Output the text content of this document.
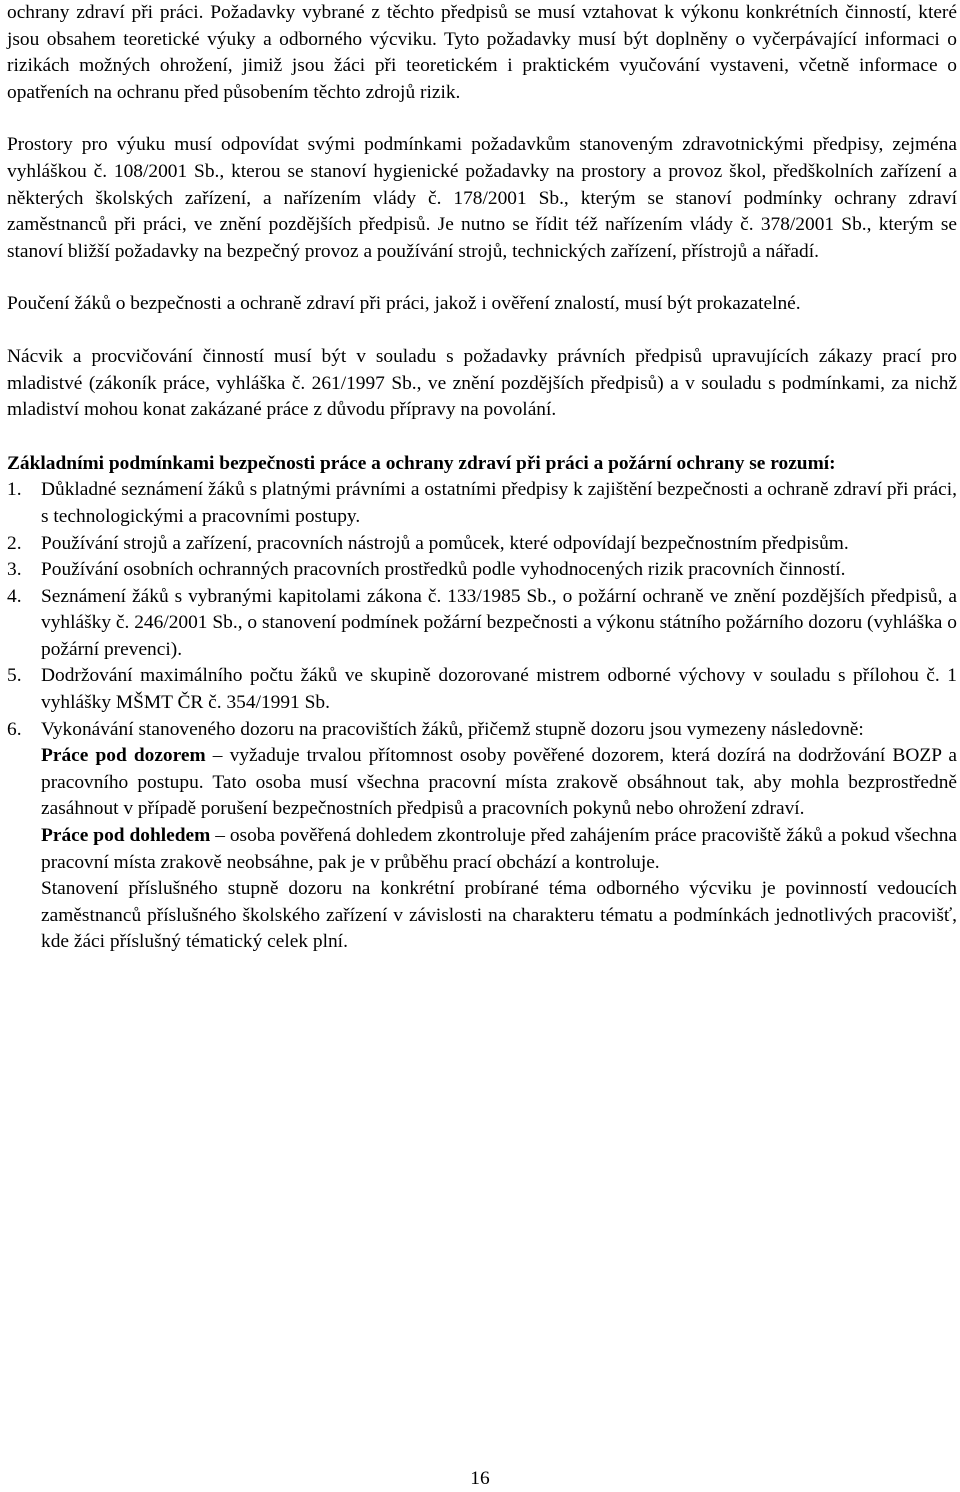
ochrany zdraví při práci. Požadavky vybrané z těchto předpisů se musí vztahovat k výkonu konkrétních činností, které jsou obsahem teoretické výuky a odborného výcviku. Tyto požadavky musí být doplněny o vyčerpávající informaci o rizikách možných ohrožení, jimiž jsou žáci při teoretickém i praktickém vyučování vystaveni, včetně informace o opatřeních na ochranu před působením těchto zdrojů rizik.

Prostory pro výuku musí odpovídat svými podmínkami požadavkům stanoveným zdravotnickými předpisy, zejména vyhláškou č. 108/2001 Sb., kterou se stanoví hygienické požadavky na prostory a provoz škol, předškolních zařízení a některých školských zařízení, a nařízením vlády č. 178/2001 Sb., kterým se stanoví podmínky ochrany zdraví zaměstnanců při práci, ve znění pozdějších předpisů. Je nutno se řídit též nařízením vlády č. 378/2001 Sb., kterým se stanoví bližší požadavky na bezpečný provoz a používání strojů, technických zařízení, přístrojů a nářadí.

Poučení žáků o bezpečnosti a ochraně zdraví při práci, jakož i ověření znalostí, musí být prokazatelné.

Nácvik a procvičování činností musí být v souladu s požadavky právních předpisů upravujících zákazy prací pro mladistvé (zákoník práce, vyhláška č. 261/1997 Sb., ve znění pozdějších předpisů) a v souladu s podmínkami, za nichž mladiství mohou konat zakázané práce z důvodu přípravy na povolání.

Základními podmínkami bezpečnosti práce a ochrany zdraví při práci a požární ochrany se rozumí:

1. Důkladné seznámení žáků s platnými právními a ostatními předpisy k zajištění bezpečnosti a ochraně zdraví při práci, s technologickými a pracovními postupy.
2. Používání strojů a zařízení, pracovních nástrojů a pomůcek, které odpovídají bezpečnostním předpisům.
3. Používání osobních ochranných pracovních prostředků podle vyhodnocených rizik pracovních činností.
4. Seznámení žáků s vybranými kapitolami zákona č. 133/1985 Sb., o požární ochraně ve znění pozdějších předpisů, a vyhlášky č. 246/2001 Sb., o stanovení podmínek požární bezpečnosti a výkonu státního požárního dozoru (vyhláška o požární prevenci).
5. Dodržování maximálního počtu žáků ve skupině dozorované mistrem odborné výchovy v souladu s přílohou č. 1 vyhlášky MŠMT ČR č. 354/1991 Sb.
6. Vykonávání stanoveného dozoru na pracovištích žáků, přičemž stupně dozoru jsou vymezeny následovně:

Práce pod dozorem – vyžaduje trvalou přítomnost osoby pověřené dozorem, která dozírá na dodržování BOZP a pracovního postupu. Tato osoba musí všechna pracovní místa zrakově obsáhnout tak, aby mohla bezprostředně zasáhnout v případě porušení bezpečnostních předpisů a pracovních pokynů nebo ohrožení zdraví.

Práce pod dohledem – osoba pověřená dohledem zkontroluje před zahájením práce pracoviště žáků a pokud všechna pracovní místa zrakově neobsáhne, pak je v průběhu prací obchází a kontroluje.

Stanovení příslušného stupně dozoru na konkrétní probírané téma odborného výcviku je povinností vedoucích zaměstnanců příslušného školského zařízení v závislosti na charakteru tématu a podmínkách jednotlivých pracovišť, kde žáci příslušný tématický celek plní.

16
